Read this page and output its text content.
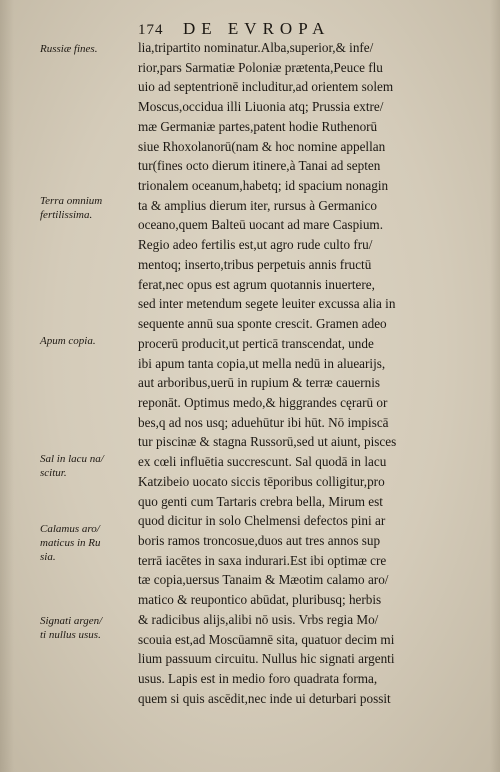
174 DE EVROPA
Russiæ fines.
Terra omnium
fertilissima.
Apum copia.
Sal in lacu na/
scitur.
Calamus aro/
maticus in Ru
sia.
Signati argen/
ti nullus usus.
lia,tripartito nominatur.Alba,superior,& infe/
rior,pars Sarmatiæ Poloniæ prætenta,Peuce flu
uio ad septentrionē includitur,ad orientem solem
Moscus,occidua illi Liuonia atq; Prussia extre/
mæ Germaniæ partes,patent hodie Ruthenorū
siue Rhoxolanorū(nam & hoc nomine appellan
tur(fines octo dierum itinere,à Tanai ad septen
trionalem oceanum,habetq; id spacium nonagin
ta & amplius dierum iter, rursus à Germanico
oceano,quem Balteū uocant ad mare Caspium.
Regio adeo fertilis est,ut agro rude culto fru/
mentoq; inserto,tribus perpetuis annis fructū
ferat,nec opus est agrum quotannis inuertere,
sed inter metendum segete leuiter excussa alia in
sequente annū sua sponte crescit. Gramen adeo
procerū producit,ut perticā transcendat, unde
ibi apum tanta copia,ut mella nedū in aluearijs,
aut arboribus,uerū in rupium & terræ cauernis
reponāt. Optimus medo,& higgrandes cęrarū or
bes,q ad nos usq; aduehūtur ibi hūt. Nō impiscā
tur piscinæ & stagna Russorū,sed ut aiunt, pisces
ex cœli influētia succrescunt. Sal quodā in lacu
Katzibeio uocato siccis tēporibus colligitur,pro
quo genti cum Tartaris crebra bella, Mirum est
quod dicitur in solo Chelmensi defectos pini ar
boris ramos troncosue,duos aut tres annos sup
terrā iacētes in saxa indurari.Est ibi optimæ cre
tæ copia,uersus Tanaim & Mæotim calamo aro/
matico & reupontico abūdat, pluribusq; herbis
& radicibus alijs,alibi nō usis. Vrbs regia Mo/
scouia est,ad Moscūamnē sita, quatuor decim mi
lium passuum circuitu. Nullus hic signati argenti
usus. Lapis est in medio foro quadrata forma,
quem si quis ascēdit,nec inde ui deturbari possit
